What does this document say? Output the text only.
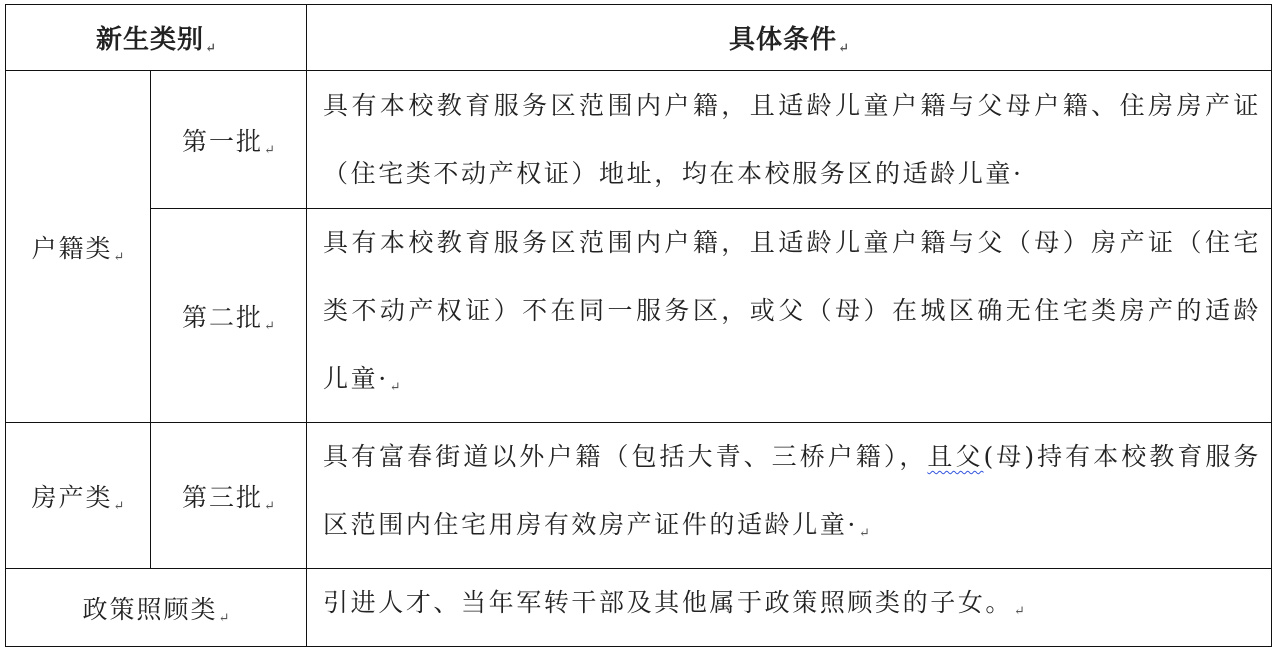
新生类别↵		具体条件↵
户籍类↵	第一批↵	具有本校教育服务区范围内户籍，且适龄儿童户籍与父母户籍、住房房产证（住宅类不动产权证）地址，均在本校服务区的适龄儿童·
	第二批↵	具有本校教育服务区范围内户籍，且适龄儿童户籍与父（母）房产证（住宅类不动产权证）不在同一服务区，或父（母）在城区确无住宅类房产的适龄儿童·↵
房产类↵	第三批↵	具有富春街道以外户籍（包括大青、三桥户籍），且父(母)持有本校教育服务区范围内住宅用房有效房产证件的适龄儿童·↵
政策照顾类↵		引进人才、当年军转干部及其他属于政策照顾类的子女。↵
